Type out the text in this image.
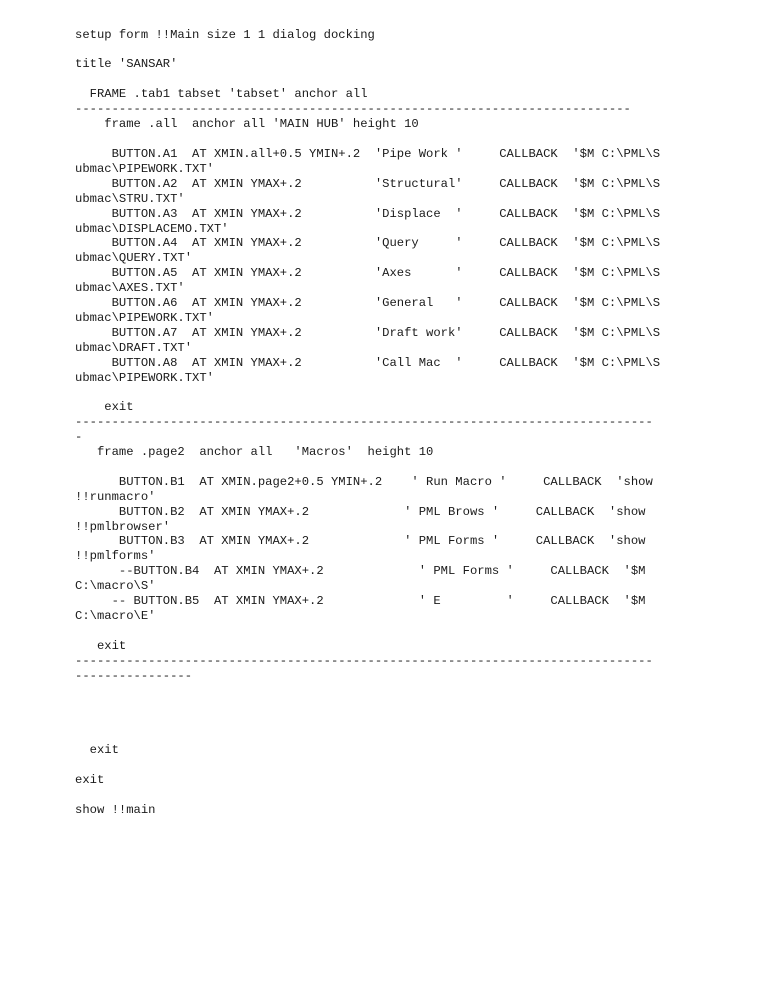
setup form !!Main size 1 1 dialog docking
title 'SANSAR'
FRAME .tab1 tabset 'tabset' anchor all
----------------------------------------------------------------------------
frame .all  anchor all 'MAIN HUB' height 10
BUTTON.A1  AT XMIN.all+0.5 YMIN+.2  'Pipe Work '     CALLBACK  '$M C:\PML\S
ubmac\PIPEWORK.TXT'
BUTTON.A2  AT XMIN YMAX+.2          'Structural'     CALLBACK  '$M C:\PML\S
ubmac\STRU.TXT'
BUTTON.A3  AT XMIN YMAX+.2          'Displace  '     CALLBACK  '$M C:\PML\S
ubmac\DISPLACEMO.TXT'
BUTTON.A4  AT XMIN YMAX+.2          'Query     '     CALLBACK  '$M C:\PML\S
ubmac\QUERY.TXT'
BUTTON.A5  AT XMIN YMAX+.2          'Axes      '     CALLBACK  '$M C:\PML\S
ubmac\AXES.TXT'
BUTTON.A6  AT XMIN YMAX+.2          'General   '     CALLBACK  '$M C:\PML\S
ubmac\PIPEWORK.TXT'
BUTTON.A7  AT XMIN YMAX+.2          'Draft work'     CALLBACK  '$M C:\PML\S
ubmac\DRAFT.TXT'
BUTTON.A8  AT XMIN YMAX+.2          'Call Mac  '     CALLBACK  '$M C:\PML\S
ubmac\PIPEWORK.TXT'
exit
-------------------------------------------------------------------------------
-
frame .page2  anchor all   'Macros'  height 10
BUTTON.B1  AT XMIN.page2+0.5 YMIN+.2    ' Run Macro '     CALLBACK  'show
!!runmacro'
BUTTON.B2  AT XMIN YMAX+.2             ' PML Brows '     CALLBACK  'show
!!pmlbrowser'
BUTTON.B3  AT XMIN YMAX+.2             ' PML Forms '     CALLBACK  'show
!!pmlforms'
--BUTTON.B4  AT XMIN YMAX+.2             ' PML Forms '     CALLBACK  '$M
C:\macro\S'
-- BUTTON.B5  AT XMIN YMAX+.2             ' E         '     CALLBACK  '$M
C:\macro\E'
exit
-------------------------------------------------------------------------------
----------------
exit
exit
show !!main
